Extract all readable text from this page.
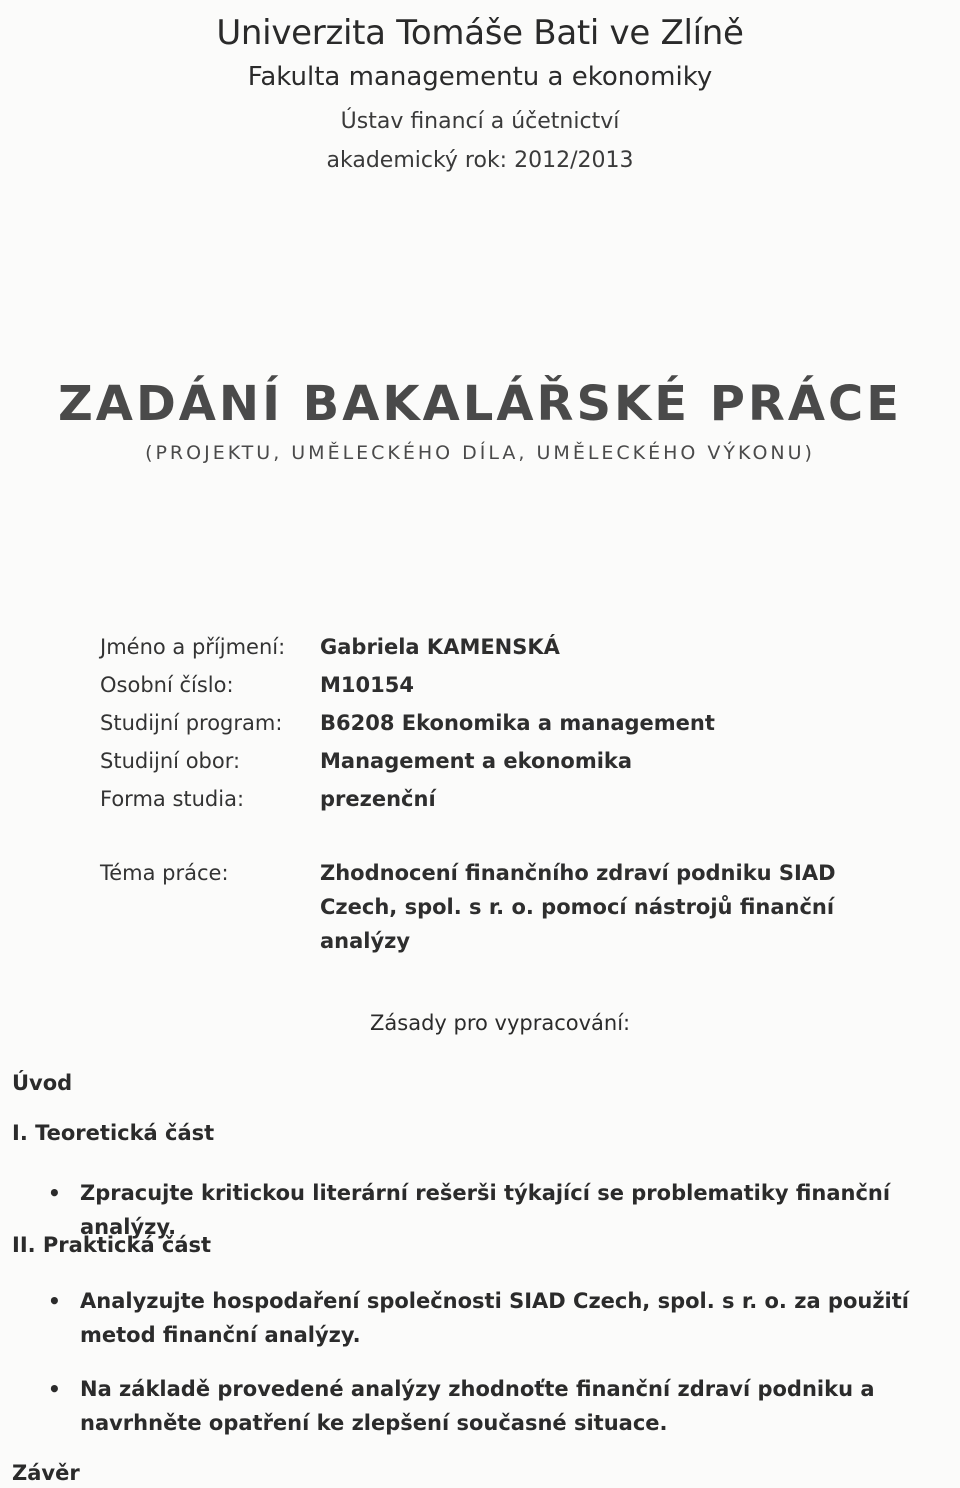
Univerzita Tomáše Bati ve Zlíně
Fakulta managementu a ekonomiky
Ústav financí a účetnictví
akademický rok: 2012/2013
ZADÁNÍ BAKALÁŘSKÉ PRÁCE
(PROJEKTU, UMĚLECKÉHO DÍLA, UMĚLECKÉHO VÝKONU)
Jméno a příjmení:	Gabriela KAMENSKÁ
Osobní číslo:	M10154
Studijní program:	B6208 Ekonomika a management
Studijní obor:	Management a ekonomika
Forma studia:	prezenční
Téma práce:	Zhodnocení finančního zdraví podniku SIAD Czech, spol. s r. o. pomocí nástrojů finanční analýzy
Zásady pro vypracování:
Úvod
I. Teoretická část
• Zpracujte kritickou literární rešerši týkající se problematiky finanční analýzy.
II. Praktická část
• Analyzujte hospodaření společnosti SIAD Czech, spol. s r. o. za použití metod finanční analýzy.
• Na základě provedené analýzy zhodnoťte finanční zdraví podniku a navrhněte opatření ke zlepšení současné situace.
Závěr
